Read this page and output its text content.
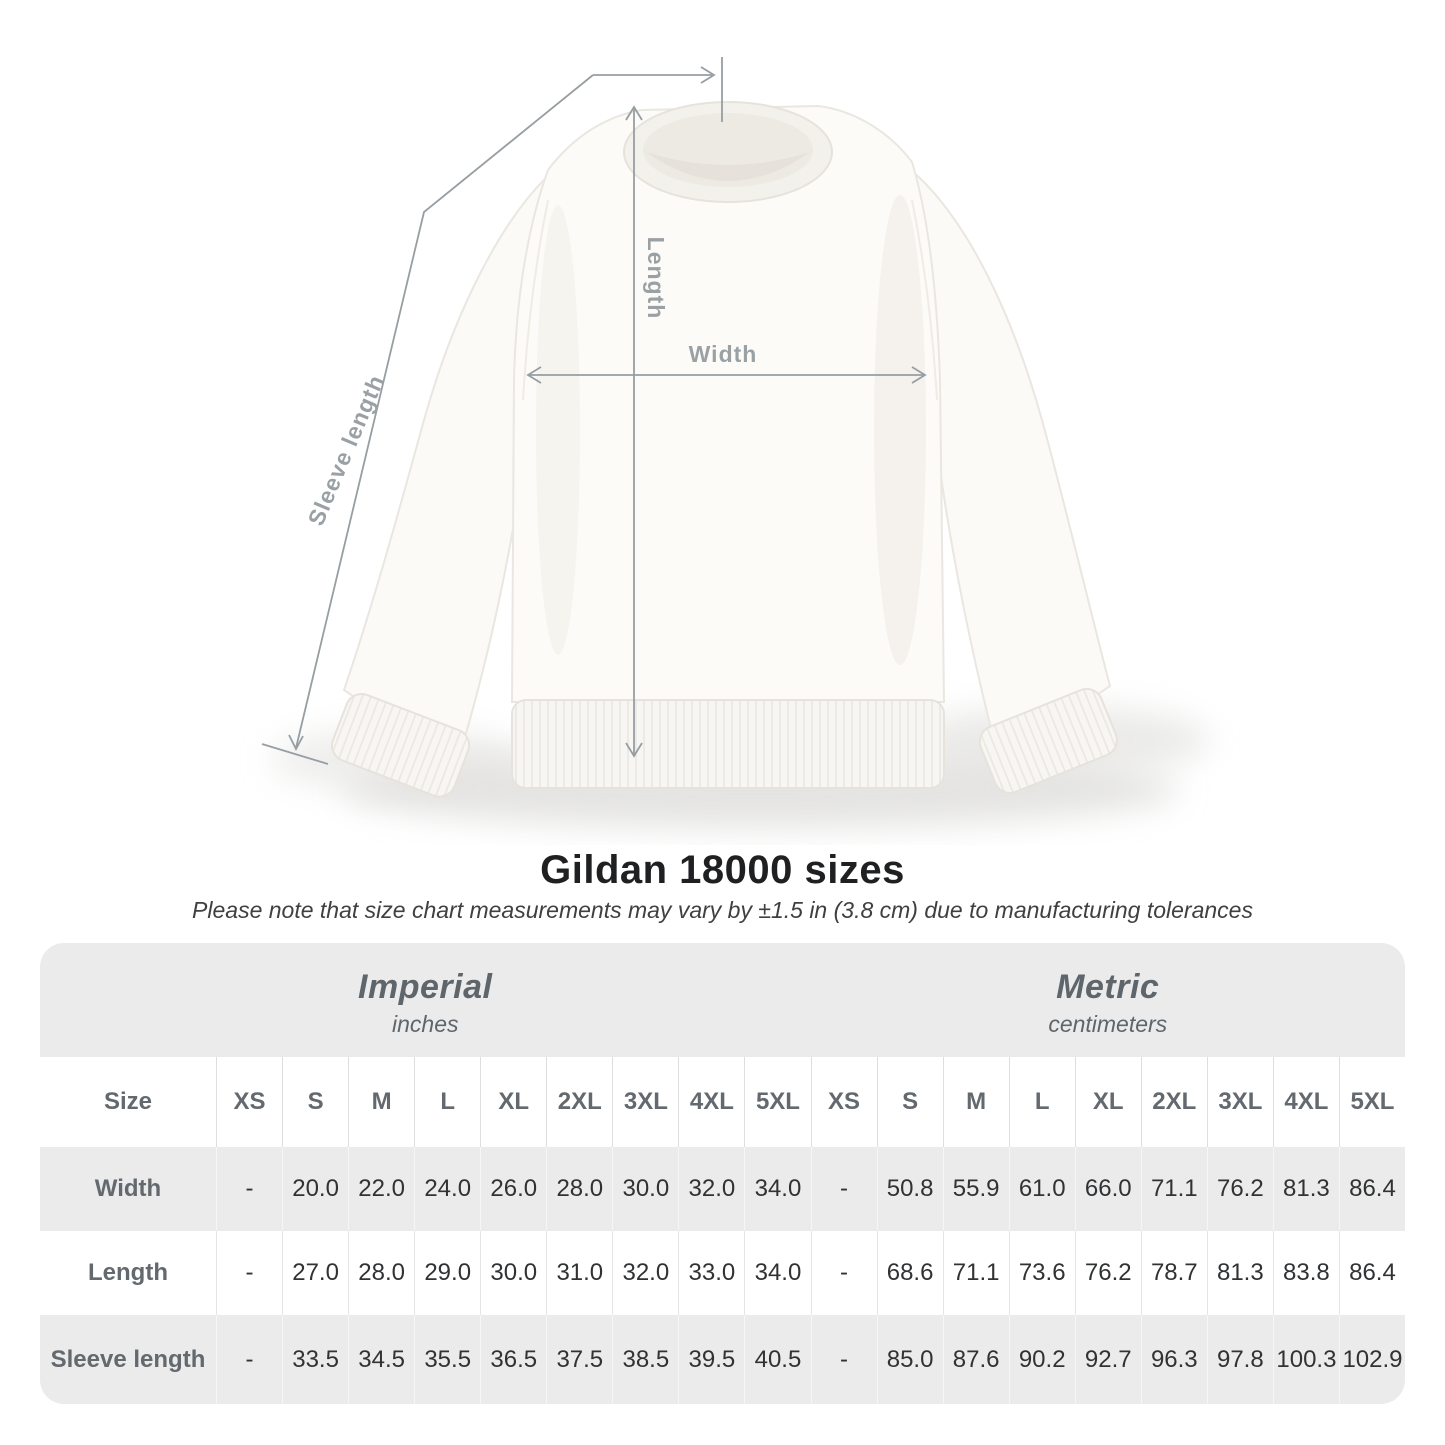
Width
Length
Sleeve length
Gildan 18000 sizes
Please note that size chart measurements may vary by ±1.5 in (3.8 cm) due to manufacturing tolerances
Imperial
inches
Metric
centimeters
Size	XS	S	M	L	XL	2XL 3XL 4XL 5XL	XS	S	M	L	XL	2XL 3XL 4XL 5XL
Width	-	20.0 22.0 24.0 26.0 28.0 30.0 32.0 34.0	-	50.8 55.9 61.0 66.0 71.1 76.2 81.3 86.4
Length	-	27.0 28.0 29.0 30.0 31.0 32.0 33.0 34.0	-	68.6 71.1 73.6 76.2 78.7 81.3 83.8 86.4
Sleeve length	-	33.5 34.5 35.5 36.5 37.5 38.5 39.5 40.5	-	85.0 87.6 90.2 92.7 96.3 97.8 100.3 102.9
